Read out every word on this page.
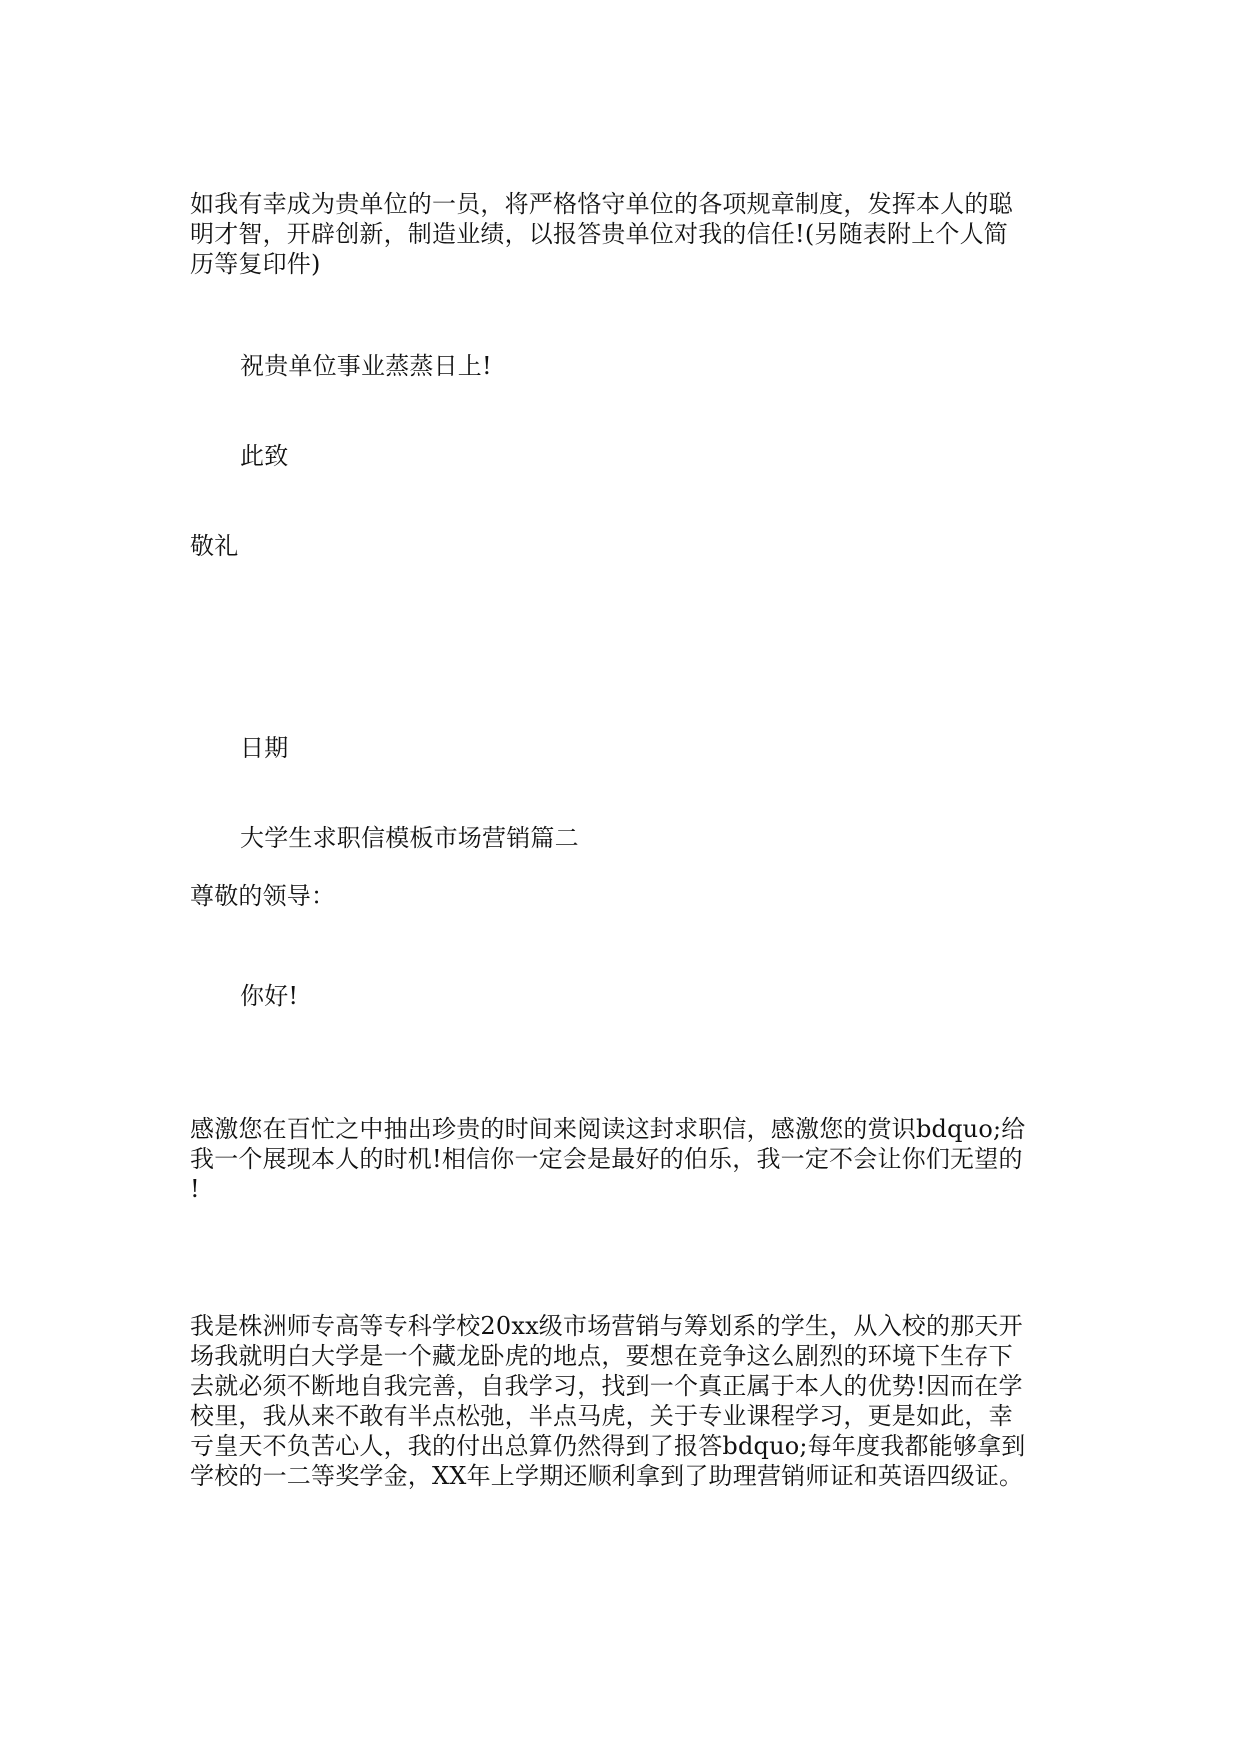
如我有幸成为贵单位的一员，将严格恪守单位的各项规章制度，发挥本人的聪
明才智，开辟创新，制造业绩，以报答贵单位对我的信任!(另随表附上个人简
历等复印件)
祝贵单位事业蒸蒸日上!
此致
敬礼
日期
大学生求职信模板市场营销篇二
尊敬的领导：
你好!
感激您在百忙之中抽出珍贵的时间来阅读这封求职信，感激您的赏识bdquo;给
我一个展现本人的时机!相信你一定会是最好的伯乐，我一定不会让你们无望的
!
我是株洲师专高等专科学校20xx级市场营销与筹划系的学生，从入校的那天开
场我就明白大学是一个藏龙卧虎的地点，要想在竞争这么剧烈的环境下生存下
去就必须不断地自我完善，自我学习，找到一个真正属于本人的优势!因而在学
校里，我从来不敢有半点松弛，半点马虎，关于专业课程学习，更是如此，幸
亏皇天不负苦心人，我的付出总算仍然得到了报答bdquo;每年度我都能够拿到
学校的一二等奖学金，XX年上学期还顺利拿到了助理营销师证和英语四级证。
